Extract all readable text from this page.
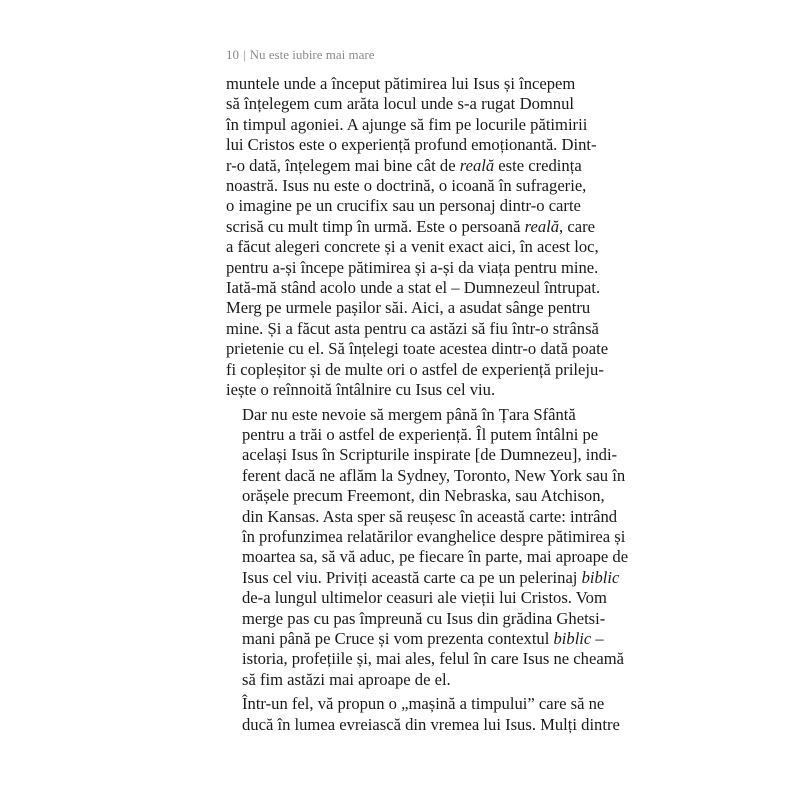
10 | Nu este iubire mai mare

muntele unde a început pătimirea lui Isus și începem
să înțelegem cum arăta locul unde s-a rugat Domnul
în timpul agoniei. A ajunge să fim pe locurile pătimirii
lui Cristos este o experiență profund emoționantă. Dint-
r-o dată, înțelegem mai bine cât de reală este credința
noastră. Isus nu este o doctrină, o icoană în sufragerie,
o imagine pe un crucifix sau un personaj dintr-o carte
scrisă cu mult timp în urmă. Este o persoană reală, care
a făcut alegeri concrete și a venit exact aici, în acest loc,
pentru a-și începe pătimirea și a-și da viața pentru mine.
Iată-mă stând acolo unde a stat el – Dumnezeul întrupat.
Merg pe urmele pașilor săi. Aici, a asudat sânge pentru
mine. Și a făcut asta pentru ca astăzi să fiu într-o strânsă
prietenie cu el. Să înțelegi toate acestea dintr-o dată poate
fi copleșitor și de multe ori o astfel de experiență prileju-
iește o reînnoită întâlnire cu Isus cel viu.

Dar nu este nevoie să mergem până în Țara Sfântă
pentru a trăi o astfel de experiență. Îl putem întâlni pe
același Isus în Scripturile inspirate [de Dumnezeu], indi-
ferent dacă ne aflăm la Sydney, Toronto, New York sau în
orășele precum Freemont, din Nebraska, sau Atchison,
din Kansas. Asta sper să reușesc în această carte: intrând
în profunzimea relatărilor evanghelice despre pătimirea și
moartea sa, să vă aduc, pe fiecare în parte, mai aproape de
Isus cel viu. Priviți această carte ca pe un pelerinaj biblic
de-a lungul ultimelor ceasuri ale vieții lui Cristos. Vom
merge pas cu pas împreună cu Isus din grădina Ghetsi-
mani până pe Cruce și vom prezenta contextul biblic –
istoria, profețiile și, mai ales, felul în care Isus ne cheamă
să fim astăzi mai aproape de el.

Într-un fel, vă propun o „mașină a timpului” care să ne
ducă în lumea evreiască din vremea lui Isus. Mulți dintre
